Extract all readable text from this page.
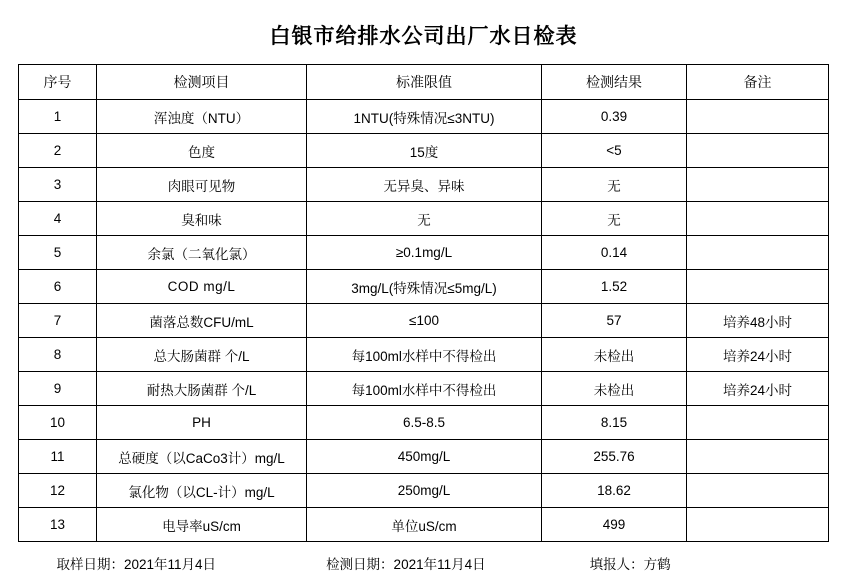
白银市给排水公司出厂水日检表
序号	检测项目	标准限值	检测结果	备注
1	浑浊度（NTU）	1NTU(特殊情况≤3NTU)	0.39	
2	色度	15度	<5	
3	肉眼可见物	无异臭、异味	无	
4	臭和味	无	无	
5	余氯（二氧化氯）	≥0.1mg/L	0.14	
6	COD mg/L	3mg/L(特殊情况≤5mg/L)	1.52	
7	菌落总数CFU/mL	≤100	57	培养48小时
8	总大肠菌群 个/L	每100ml水样中不得检出	未检出	培养24小时
9	耐热大肠菌群 个/L	每100ml水样中不得检出	未检出	培养24小时
10	PH	6.5-8.5	8.15	
11	总硬度（以CaCo3计）mg/L	450mg/L	255.76	
12	氯化物（以CL-计）mg/L	250mg/L	18.62	
13	电导率uS/cm	单位uS/cm	499	
取样日期：2021年11月4日	检测日期：2021年11月4日	填报人：方鹤
